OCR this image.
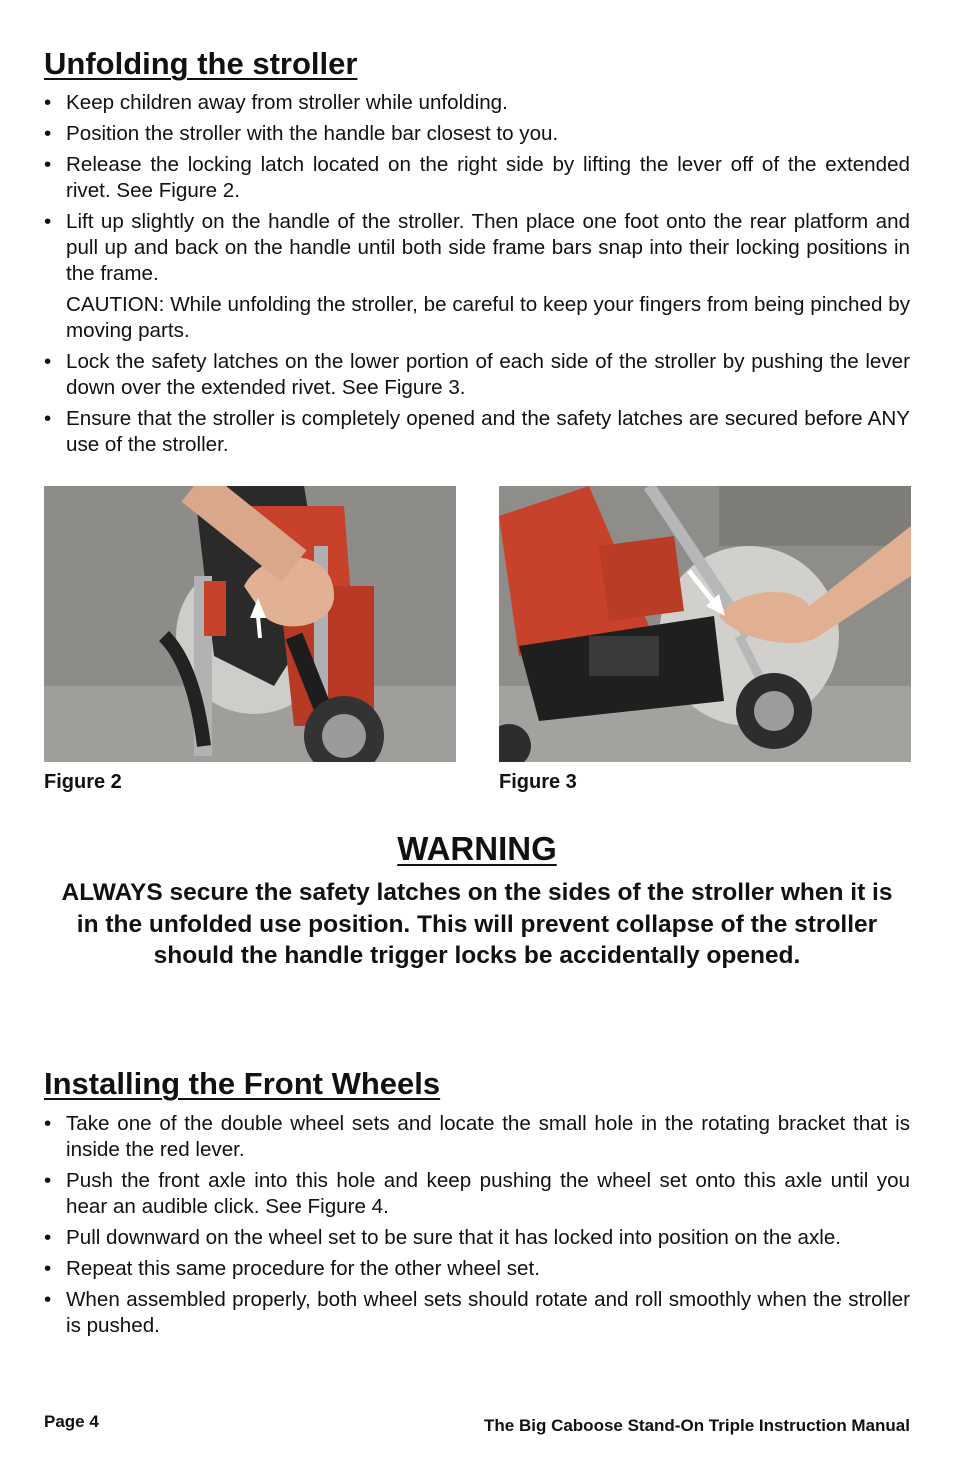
Unfolding the stroller
• Keep children away from stroller while unfolding.
• Position the stroller with the handle bar closest to you.
• Release the locking latch located on the right side by lifting the lever off of the extended rivet. See Figure 2.
• Lift up slightly on the handle of the stroller. Then place one foot onto the rear platform and pull up and back on the handle until both side frame bars snap into their locking positions in the frame.
CAUTION: While unfolding the stroller, be careful to keep your fingers from being pinched by moving parts.
• Lock the safety latches on the lower portion of each side of the stroller by pushing the lever down over the extended rivet. See Figure 3.
• Ensure that the stroller is completely opened and the safety latches are secured before ANY use of the stroller.
Figure 2	Figure 3
WARNING

ALWAYS secure the safety latches on the sides of the stroller when it is in the unfolded use position. This will prevent collapse of the stroller should the handle trigger locks be accidentally opened.

Installing the Front Wheels
• Take one of the double wheel sets and locate the small hole in the rotating bracket that is inside the red lever.
• Push the front axle into this hole and keep pushing the wheel set onto this axle until you hear an audible click. See Figure 4.
• Pull downward on the wheel set to be sure that it has locked into position on the axle.
• Repeat this same procedure for the other wheel set.
• When assembled properly, both wheel sets should rotate and roll smoothly when the stroller is pushed.
Page 4	The Big Caboose Stand-On Triple Instruction Manual
